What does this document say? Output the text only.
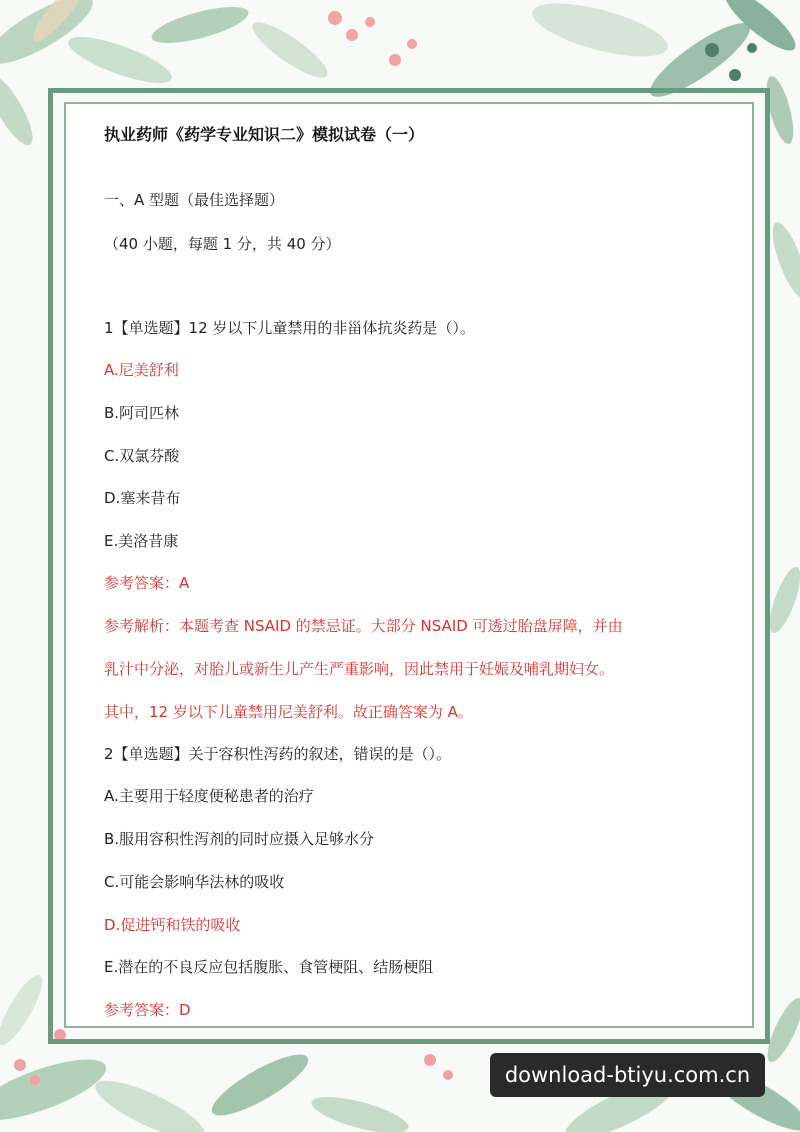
执业药师《药学专业知识二》模拟试卷（一）
一、A 型题（最佳选择题）
（40 小题，每题 1 分，共 40 分）
1【单选题】12 岁以下儿童禁用的非甾体抗炎药是（）。
A.尼美舒利
B.阿司匹林
C.双氯芬酸
D.塞来昔布
E.美洛昔康
参考答案：A
参考解析：本题考查 NSAID 的禁忌证。大部分 NSAID 可透过胎盘屏障，并由
乳汁中分泌，对胎儿或新生儿产生严重影响，因此禁用于妊娠及哺乳期妇女。
其中，12 岁以下儿童禁用尼美舒利。故正确答案为 A。
2【单选题】关于容积性泻药的叙述，错误的是（）。
A.主要用于轻度便秘患者的治疗
B.服用容积性泻剂的同时应摄入足够水分
C.可能会影响华法林的吸收
D.促进钙和铁的吸收
E.潜在的不良反应包括腹胀、食管梗阻、结肠梗阻
参考答案：D
download-btiyu.com.cn
